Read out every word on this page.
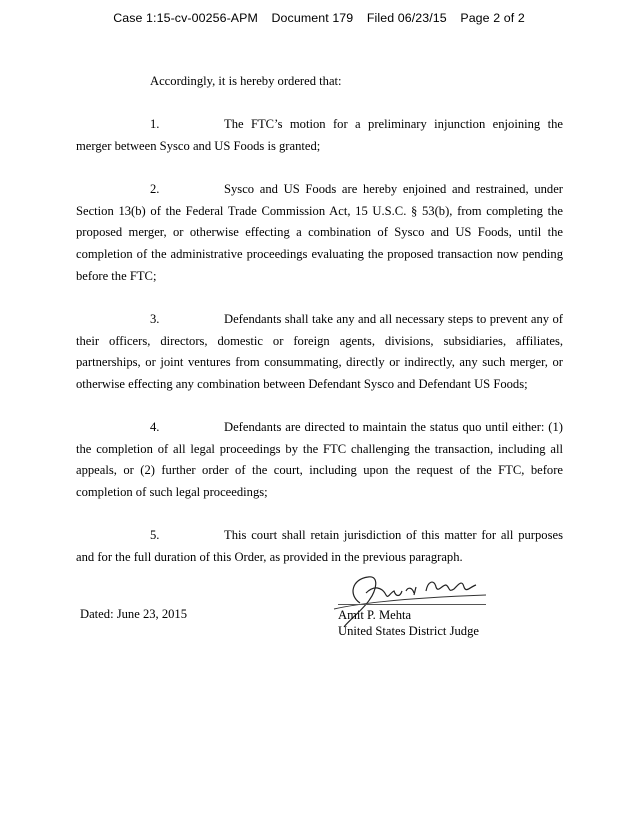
Case 1:15-cv-00256-APM Document 179 Filed 06/23/15 Page 2 of 2
Accordingly, it is hereby ordered that:
1.	The FTC’s motion for a preliminary injunction enjoining the merger between Sysco and US Foods is granted;
2.	Sysco and US Foods are hereby enjoined and restrained, under Section 13(b) of the Federal Trade Commission Act, 15 U.S.C. § 53(b), from completing the proposed merger, or otherwise effecting a combination of Sysco and US Foods, until the completion of the administrative proceedings evaluating the proposed transaction now pending before the FTC;
3.	Defendants shall take any and all necessary steps to prevent any of their officers, directors, domestic or foreign agents, divisions, subsidiaries, affiliates, partnerships, or joint ventures from consummating, directly or indirectly, any such merger, or otherwise effecting any combination between Defendant Sysco and Defendant US Foods;
4.	Defendants are directed to maintain the status quo until either: (1) the completion of all legal proceedings by the FTC challenging the transaction, including all appeals, or (2) further order of the court, including upon the request of the FTC, before completion of such legal proceedings;
5.	This court shall retain jurisdiction of this matter for all purposes and for the full duration of this Order, as provided in the previous paragraph.
Dated: June 23, 2015	Amit P. Mehta
United States District Judge
